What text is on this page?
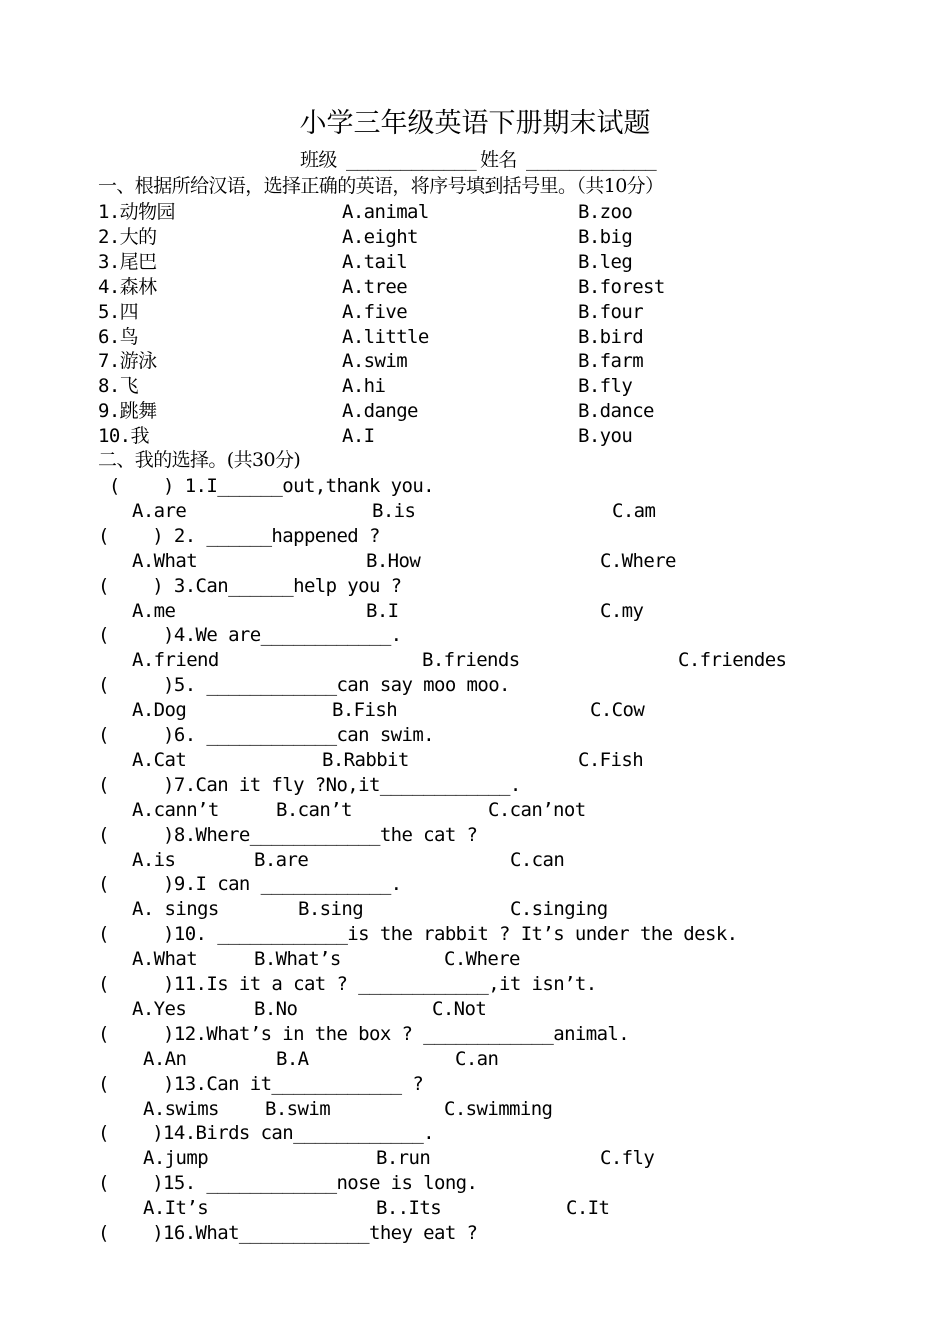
小学三年级英语下册期末试题
班级 ____________ 姓名 ____________
一、根据所给汉语，选择正确的英语，将序号填到括号里。（共10分）
1.动物园	A.animal	B.zoo
2.大的	A.eight	B.big
3.尾巴	A.tail	B.leg
4.森林	A.tree	B.forest
5.四	A.five	B.four
6.鸟	A.little	B.bird
7.游泳	A.swim	B.farm
8.飞	A.hi	B.fly
9.跳舞	A.dange	B.dance
10.我	A.I	B.you
二、我的选择。(共30分)
(    ) 1.I______out,thank you.
A.are	B.is	C.am
(    ) 2. ______happened ?
A.What	B.How	C.Where
(    ) 3.Can______help you ?
A.me	B.I	C.my
(     )4.We are____________.
A.friend	B.friends	C.friendes
(     )5. ____________can say moo moo.
A.Dog	B.Fish	C.Cow
(     )6. ____________can swim.
A.Cat	B.Rabbit	C.Fish
(     )7.Can it fly ?No,it____________.
A.cann’t	B.can’t	C.can’not
(     )8.Where____________the cat ?
A.is	B.are	C.can
(     )9.I can ____________.
A. sings	B.sing	C.singing
(     )10. ____________is the rabbit ? It’s under the desk.
A.What	B.What’s	C.Where
(     )11.Is it a cat ? ____________,it isn’t.
A.Yes	B.No	C.Not
(     )12.What’s in the box ? ____________animal.
A.An	B.A	C.an
(     )13.Can it____________ ?
A.swims B.swim	C.swimming
(    )14.Birds can____________.
A.jump	B.run	C.fly
(    )15. ____________nose is long.
A.It’s	B..Its	C.It
(    )16.What____________they eat ?
